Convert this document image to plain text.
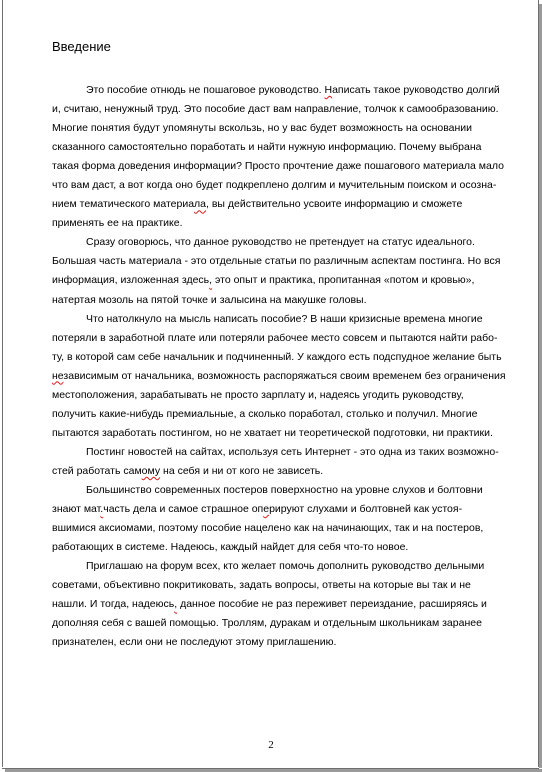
Введение
Это пособие отнюдь не пошаговое руководство. Написать такое руководство долгий
и, считаю, ненужный труд. Это пособие даст вам направление, толчок к самообразованию.
Многие понятия будут упомянуты вскользь, но у вас будет возможность на основании
сказанного самостоятельно поработать и найти нужную информацию. Почему выбрана
такая форма доведения информации? Просто прочтение даже пошагового материала мало
что вам даст, а вот когда оно будет подкреплено долгим и мучительным поиском и осозна-
нием тематического материала, вы действительно усвоите информацию и сможете
применять ее на практике.
Сразу оговорюсь, что данное руководство не претендует на статус идеального.
Большая часть материала - это отдельные статьи по различным аспектам постинга. Но вся
информация, изложенная здесь, это опыт и практика, пропитанная «потом и кровью»,
натертая мозоль на пятой точке и залысина на макушке головы.
Что натолкнуло на мысль написать пособие? В наши кризисные времена многие
потеряли в заработной плате или потеряли рабочее место совсем и пытаются найти рабо-
ту, в которой сам себе начальник и подчиненный. У каждого есть подспудное желание быть
независимым от начальника, возможность распоряжаться своим временем без ограничения
местоположения, зарабатывать не просто зарплату и, надеясь угодить руководству,
получить какие-нибудь премиальные, а сколько поработал, столько и получил. Многие
пытаются заработать постингом, но не хватает ни теоретической подготовки, ни практики.
Постинг новостей на сайтах, используя сеть Интернет - это одна из таких возможно-
стей работать самому на себя и ни от кого не зависеть.
Большинство современных постеров поверхностно на уровне слухов и болтовни
знают мат.часть дела и самое страшное оперируют слухами и болтовней как устоя-
вшимися аксиомами, поэтому пособие нацелено как на начинающих, так и на постеров,
работающих в системе. Надеюсь, каждый найдет для себя что-то новое.
Приглашаю на форум всех, кто желает помочь дополнить руководство дельными
советами, объективно покритиковать, задать вопросы, ответы на которые вы так и не
нашли. И тогда, надеюсь, данное пособие не раз переживет переиздание, расширяясь и
дополняя себя с вашей помощью. Троллям, дуракам и отдельным школьникам заранее
признателен, если они не последуют этому приглашению.
2
